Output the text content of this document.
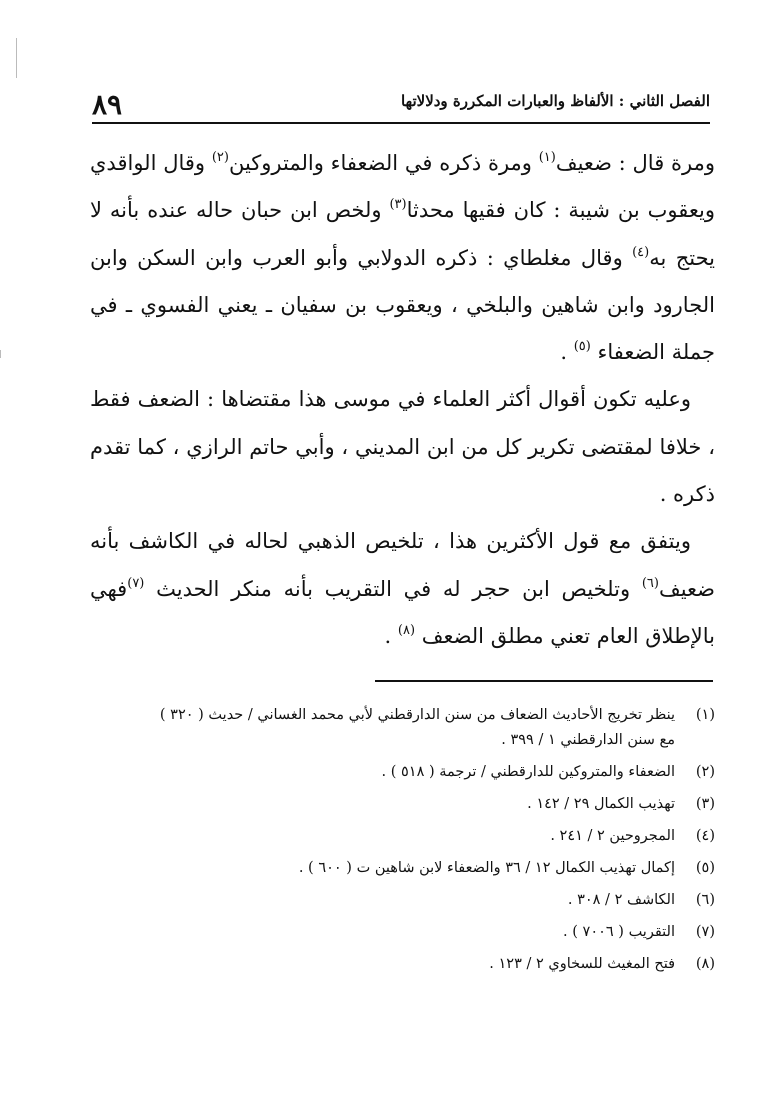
٨٩	الفصل الثاني : الألفاظ والعبارات المكررة ودلالاتها

ومرة قال : ضعيف$^{(١)}$ ومرة ذكره في الضعفاء والمتروكين$^{(٢)}$ وقال الواقدي ويعقوب بن شيبة : كان فقيها محدثا$^{(٣)}$ ولخص ابن حبان حاله عنده بأنه لا يحتج به$^{(٤)}$ وقال مغلطاي : ذكره الدولابي وأبو العرب وابن السكن وابن الجارود وابن شاهين والبلخي ، ويعقوب بن سفيان ـ يعني الفسوي ـ في جملة الضعفاء $^{(٥)}$ .

وعليه تكون أقوال أكثر العلماء في موسى هذا مقتضاها : الضعف فقط ، خلافا لمقتضى تكرير كل من ابن المديني ، وأبي حاتم الرازي ، كما تقدم ذكره .

ويتفق مع قول الأكثرين هذا ، تلخيص الذهبي لحاله في الكاشف بأنه ضعيف$^{(٦)}$ وتلخيص ابن حجر له في التقريب بأنه منكر الحديث $^{(٧)}$فهي بالإطلاق العام تعني مطلق الضعف $^{(٨)}$ .

(١)
ينظر تخريج الأحاديث الضعاف من سنن الدارقطني لأبي محمد الغساني / حديث ( ٣٢٠ )
مع سنن الدارقطني ١ / ٣٩٩ .
(٢)
الضعفاء والمتروكين للدارقطني / ترجمة ( ٥١٨ ) .
(٣)
تهذيب الكمال ٢٩ / ١٤٢ .
(٤)
المجروحين ٢ / ٢٤١ .
(٥)
إكمال تهذيب الكمال ١٢ / ٣٦ والضعفاء لابن شاهين ت ( ٦٠٠ ) .
(٦)
الكاشف ٢ / ٣٠٨ .
(٧)
التقريب ( ٧٠٠٦ ) .
(٨)
فتح المغيث للسخاوي ٢ / ١٢٣ .
